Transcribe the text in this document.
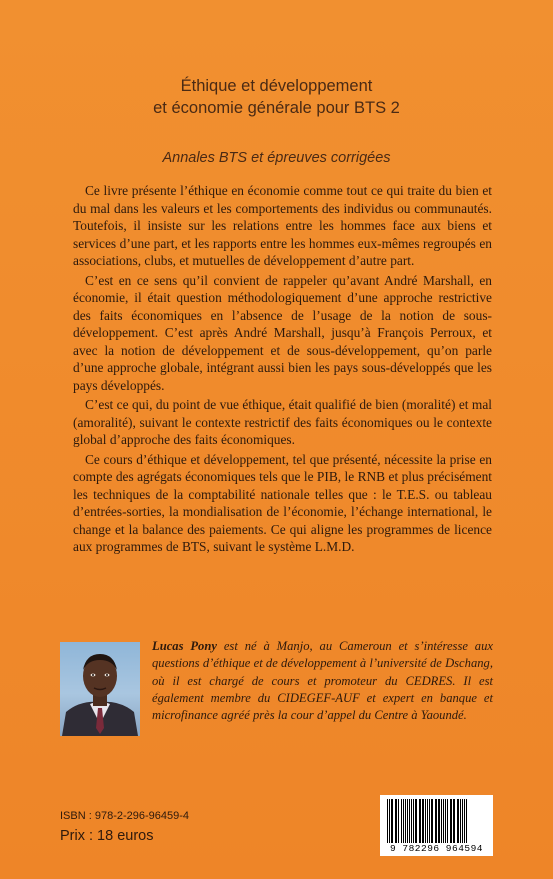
Éthique et développement
et économie générale pour BTS 2
Annales BTS et épreuves corrigées

Ce livre présente l’éthique en économie comme tout ce qui traite du bien et du mal dans les valeurs et les comportements des individus ou communautés. Toutefois, il insiste sur les relations entre les hommes face aux biens et services d’une part, et les rapports entre les hommes eux-mêmes regroupés en associations, clubs, et mutuelles de développement d’autre part.

C’est en ce sens qu’il convient de rappeler qu’avant André Marshall, en économie, il était question méthodologiquement d’une approche restrictive des faits économiques en l’absence de l’usage de la notion de sous-développement. C’est après André Marshall, jusqu’à François Perroux, et avec la notion de développement et de sous-développement, qu’on parle d’une approche globale, intégrant aussi bien les pays sous-développés que les pays développés.

C’est ce qui, du point de vue éthique, était qualifié de bien (moralité) et mal (amoralité), suivant le contexte restrictif des faits économiques ou le contexte global d’approche des faits économiques.

Ce cours d’éthique et développement, tel que présenté, nécessite la prise en compte des agrégats économiques tels que le PIB, le RNB et plus précisément les techniques de la comptabilité nationale telles que : le T.E.S. ou tableau d’entrées-sorties, la mondialisation de l’économie, l’échange international, le change et la balance des paiements. Ce qui aligne les programmes de licence aux programmes de BTS, suivant le système L.M.D.

Lucas Pony est né à Manjo, au Cameroun et s’intéresse aux questions d’éthique et de développement à l’université de Dschang, où il est chargé de cours et promoteur du CEDRES. Il est également membre du CIDEGEF-AUF et expert en banque et microfinance agréé près la cour d’appel du Centre à Yaoundé.
ISBN : 978-2-296-96459-4
Prix : 18 euros
9 782296 964594
